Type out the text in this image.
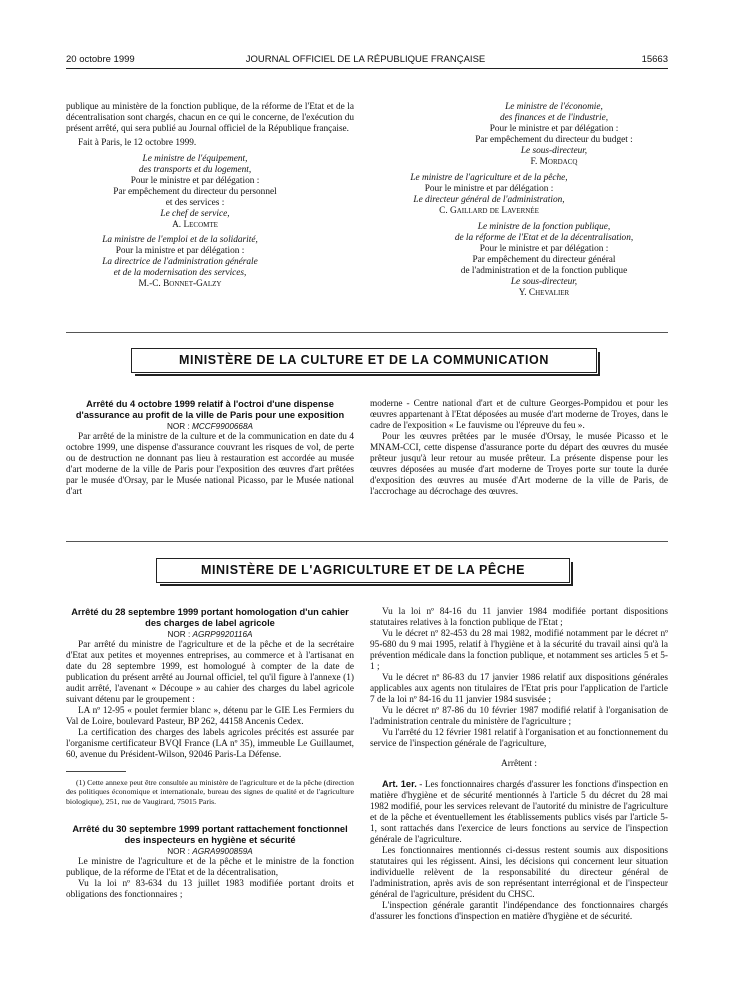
20 octobre 1999	JOURNAL OFFICIEL DE LA RÉPUBLIQUE FRANÇAISE	15663

publique au ministère de la fonction publique, de la réforme de l'Etat et de la décentralisation sont chargés, chacun en ce qui le concerne, de l'exécution du présent arrêté, qui sera publié au Journal officiel de la République française.

Fait à Paris, le 12 octobre 1999.

Le ministre de l'équipement,

des transports et du logement,

Pour le ministre et par délégation :

Par empêchement du directeur du personnel

et des services :

Le chef de service,

A. Lecomte

La ministre de l'emploi et de la solidarité,

Pour la ministre et par délégation :

La directrice de l'administration générale

et de la modernisation des services,

M.-C. Bonnet-Galzy

Le ministre de l'économie,

des finances et de l'industrie,

Pour le ministre et par délégation :

Par empêchement du directeur du budget :

Le sous-directeur,

F. Mordacq

Le ministre de l'agriculture et de la pêche,

Pour le ministre et par délégation :

Le directeur général de l'administration,

C. Gaillard de Lavernée

Le ministre de la fonction publique,

de la réforme de l'Etat et de la décentralisation,

Pour le ministre et par délégation :

Par empêchement du directeur général

de l'administration et de la fonction publique

Le sous-directeur,

Y. Chevalier

MINISTÈRE DE LA CULTURE ET DE LA COMMUNICATION

Arrêté du 4 octobre 1999 relatif à l'octroi d'une dispense d'assurance au profit de la ville de Paris pour une exposition

NOR : MCCF9900668A

Par arrêté de la ministre de la culture et de la communication en date du 4 octobre 1999, une dispense d'assurance couvrant les risques de vol, de perte ou de destruction ne donnant pas lieu à restauration est accordée au musée d'art moderne de la ville de Paris pour l'exposition des œuvres d'art prêtées par le musée d'Orsay, par le Musée national Picasso, par le Musée national d'art

moderne - Centre national d'art et de culture Georges-Pompidou et pour les œuvres appartenant à l'Etat déposées au musée d'art moderne de Troyes, dans le cadre de l'exposition « Le fauvisme ou l'épreuve du feu ».

Pour les œuvres prêtées par le musée d'Orsay, le musée Picasso et le MNAM-CCI, cette dispense d'assurance porte du départ des œuvres du musée prêteur jusqu'à leur retour au musée prêteur. La présente dispense pour les œuvres déposées au musée d'art moderne de Troyes porte sur toute la durée d'exposition des œuvres au musée d'Art moderne de la ville de Paris, de l'accrochage au décrochage des œuvres.

MINISTÈRE DE L'AGRICULTURE ET DE LA PÊCHE

Arrêté du 28 septembre 1999 portant homologation d'un cahier des charges de label agricole

NOR : AGRP9920116A

Par arrêté du ministre de l'agriculture et de la pêche et de la secrétaire d'Etat aux petites et moyennes entreprises, au commerce et à l'artisanat en date du 28 septembre 1999, est homologué à compter de la date de publication du présent arrêté au Journal officiel, tel qu'il figure à l'annexe (1) audit arrêté, l'avenant « Découpe » au cahier des charges du label agricole suivant détenu par le groupement :

LA nº 12-95 « poulet fermier blanc », détenu par le GIE Les Fermiers du Val de Loire, boulevard Pasteur, BP 262, 44158 Ancenis Cedex.

La certification des charges des labels agricoles précités est assurée par l'organisme certificateur BVQI France (LA nº 35), immeuble Le Guillaumet, 60, avenue du Président-Wilson, 92046 Paris-La Défense.

(1) Cette annexe peut être consultée au ministère de l'agriculture et de la pêche (direction des politiques économique et internationale, bureau des signes de qualité et de l'agriculture biologique), 251, rue de Vaugirard, 75015 Paris.

Arrêté du 30 septembre 1999 portant rattachement fonctionnel des inspecteurs en hygiène et sécurité

NOR : AGRA9900859A

Le ministre de l'agriculture et de la pêche et le ministre de la fonction publique, de la réforme de l'Etat et de la décentralisation,

Vu la loi nº 83-634 du 13 juillet 1983 modifiée portant droits et obligations des fonctionnaires ;

Vu la loi nº 84-16 du 11 janvier 1984 modifiée portant dispositions statutaires relatives à la fonction publique de l'Etat ;

Vu le décret nº 82-453 du 28 mai 1982, modifié notamment par le décret nº 95-680 du 9 mai 1995, relatif à l'hygiène et à la sécurité du travail ainsi qu'à la prévention médicale dans la fonction publique, et notamment ses articles 5 et 5-1 ;

Vu le décret nº 86-83 du 17 janvier 1986 relatif aux dispositions générales applicables aux agents non titulaires de l'Etat pris pour l'application de l'article 7 de la loi nº 84-16 du 11 janvier 1984 susvisée ;

Vu le décret nº 87-86 du 10 février 1987 modifié relatif à l'organisation de l'administration centrale du ministère de l'agriculture ;

Vu l'arrêté du 12 février 1981 relatif à l'organisation et au fonctionnement du service de l'inspection générale de l'agriculture,

Arrêtent :

Art. 1er. - Les fonctionnaires chargés d'assurer les fonctions d'inspection en matière d'hygiène et de sécurité mentionnés à l'article 5 du décret du 28 mai 1982 modifié, pour les services relevant de l'autorité du ministre de l'agriculture et de la pêche et éventuellement les établissements publics visés par l'article 5-1, sont rattachés dans l'exercice de leurs fonctions au service de l'inspection générale de l'agriculture.

Les fonctionnaires mentionnés ci-dessus restent soumis aux dispositions statutaires qui les régissent. Ainsi, les décisions qui concernent leur situation individuelle relèvent de la responsabilité du directeur général de l'administration, après avis de son représentant interrégional et de l'inspecteur général de l'agriculture, président du CHSC.

L'inspection générale garantit l'indépendance des fonctionnaires chargés d'assurer les fonctions d'inspection en matière d'hygiène et de sécurité.
